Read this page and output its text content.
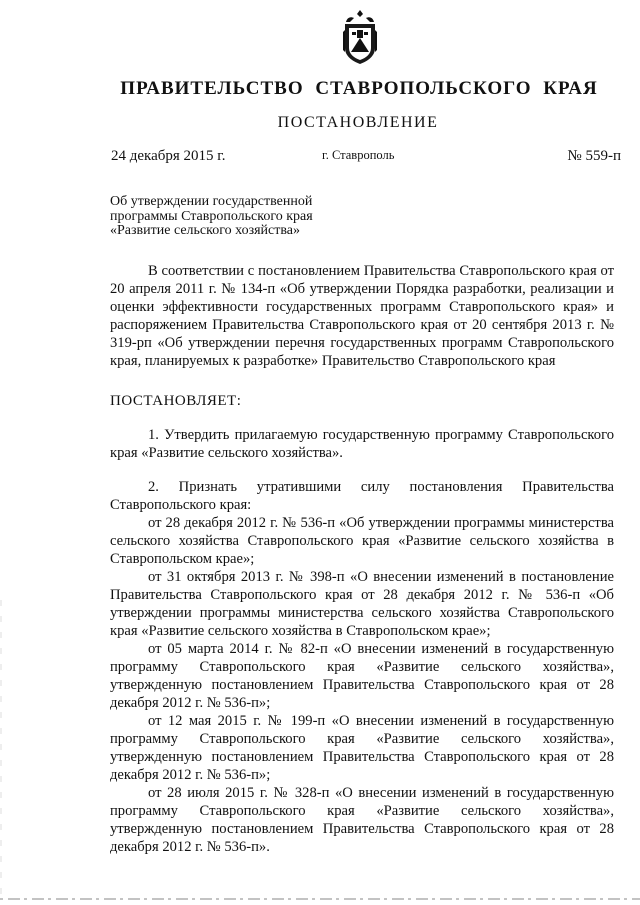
ПРАВИТЕЛЬСТВО СТАВРОПОЛЬСКОГО КРАЯ
ПОСТАНОВЛЕНИЕ
24 декабря 2015 г.	г. Ставрополь	№ 559-п
Об утверждении государственной
программы Ставропольского края
«Развитие сельского хозяйства»

В соответствии с постановлением Правительства Ставропольского края от 20 апреля 2011 г. № 134-п «Об утверждении Порядка разработки, реализации и оценки эффективности государственных программ Ставропольского края» и распоряжением Правительства Ставропольского края от 20 сентября 2013 г. № 319-рп «Об утверждении перечня государственных программ Ставропольского края, планируемых к разработке» Правительство Ставропольского края

ПОСТАНОВЛЯЕТ:

1. Утвердить прилагаемую государственную программу Ставропольского края «Развитие сельского хозяйства».

2. Признать утратившими силу постановления Правительства Ставропольского края:

от 28 декабря 2012 г. № 536-п «Об утверждении программы министерства сельского хозяйства Ставропольского края «Развитие сельского хозяйства в Ставропольском крае»;

от 31 октября 2013 г. № 398-п «О внесении изменений в постановление Правительства Ставропольского края от 28 декабря 2012 г. № 536-п «Об утверждении программы министерства сельского хозяйства Ставропольского края «Развитие сельского хозяйства в Ставропольском крае»;

от 05 марта 2014 г. № 82-п «О внесении изменений в государственную программу Ставропольского края «Развитие сельского хозяйства», утвержденную постановлением Правительства Ставропольского края от 28 декабря 2012 г. № 536-п»;

от 12 мая 2015 г. № 199-п «О внесении изменений в государственную программу Ставропольского края «Развитие сельского хозяйства», утвержденную постановлением Правительства Ставропольского края от 28 декабря 2012 г. № 536-п»;

от 28 июля 2015 г. № 328-п «О внесении изменений в государственную программу Ставропольского края «Развитие сельского хозяйства», утвержденную постановлением Правительства Ставропольского края от 28 декабря 2012 г. № 536-п».
